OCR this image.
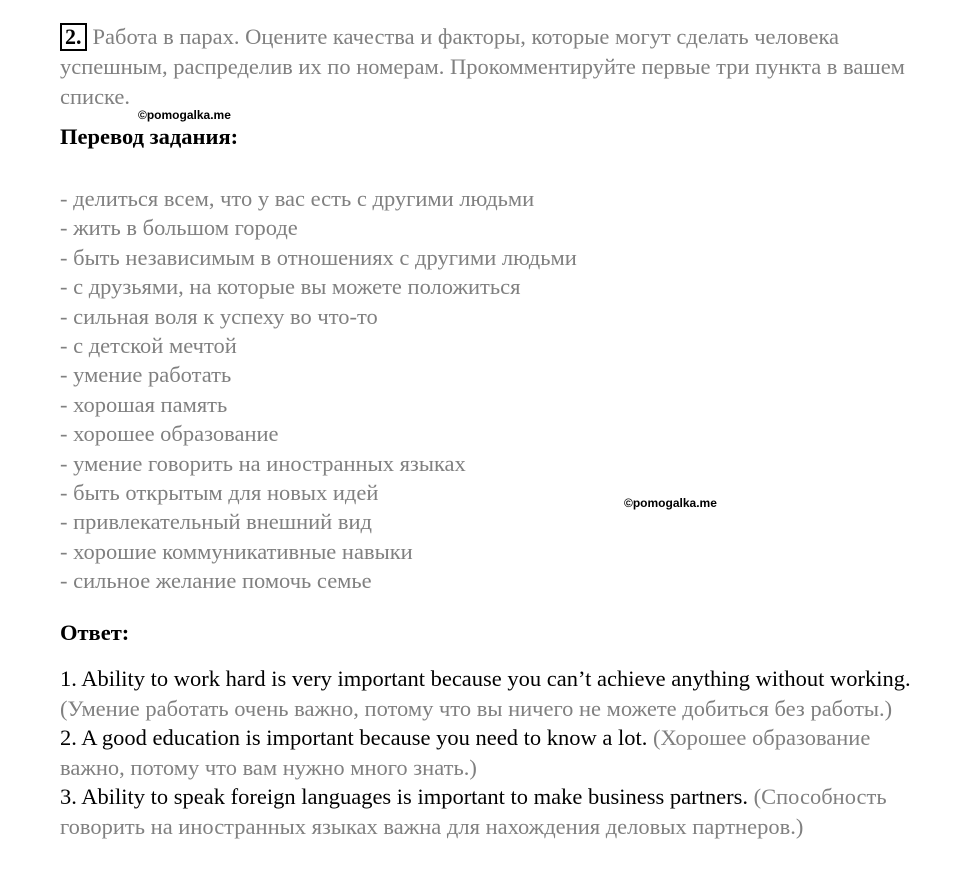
2. Работа в парах. Оцените качества и факторы, которые могут сделать человека успешным, распределив их по номерам. Прокомментируйте первые три пункта в вашем списке.

©pomogalka.me
Перевод задания:
- делиться всем, что у вас есть с другими людьми
- жить в большом городе
- быть независимым в отношениях с другими людьми
- с друзьями, на которые вы можете положиться
- сильная воля к успеху во что-то
- с детской мечтой
- умение работать
- хорошая память
- хорошее образование
- умение говорить на иностранных языках
- быть открытым для новых идей
- привлекательный внешний вид
- хорошие коммуникативные навыки
- сильное желание помочь семье
©pomogalka.me
Ответ:

1. Ability to work hard is very important because you can’t achieve anything without working. (Умение работать очень важно, потому что вы ничего не можете добиться без работы.)

2. A good education is important because you need to know a lot. (Хорошее образование важно, потому что вам нужно много знать.)

3. Ability to speak foreign languages is important to make business partners. (Способность говорить на иностранных языках важна для нахождения деловых партнеров.)
